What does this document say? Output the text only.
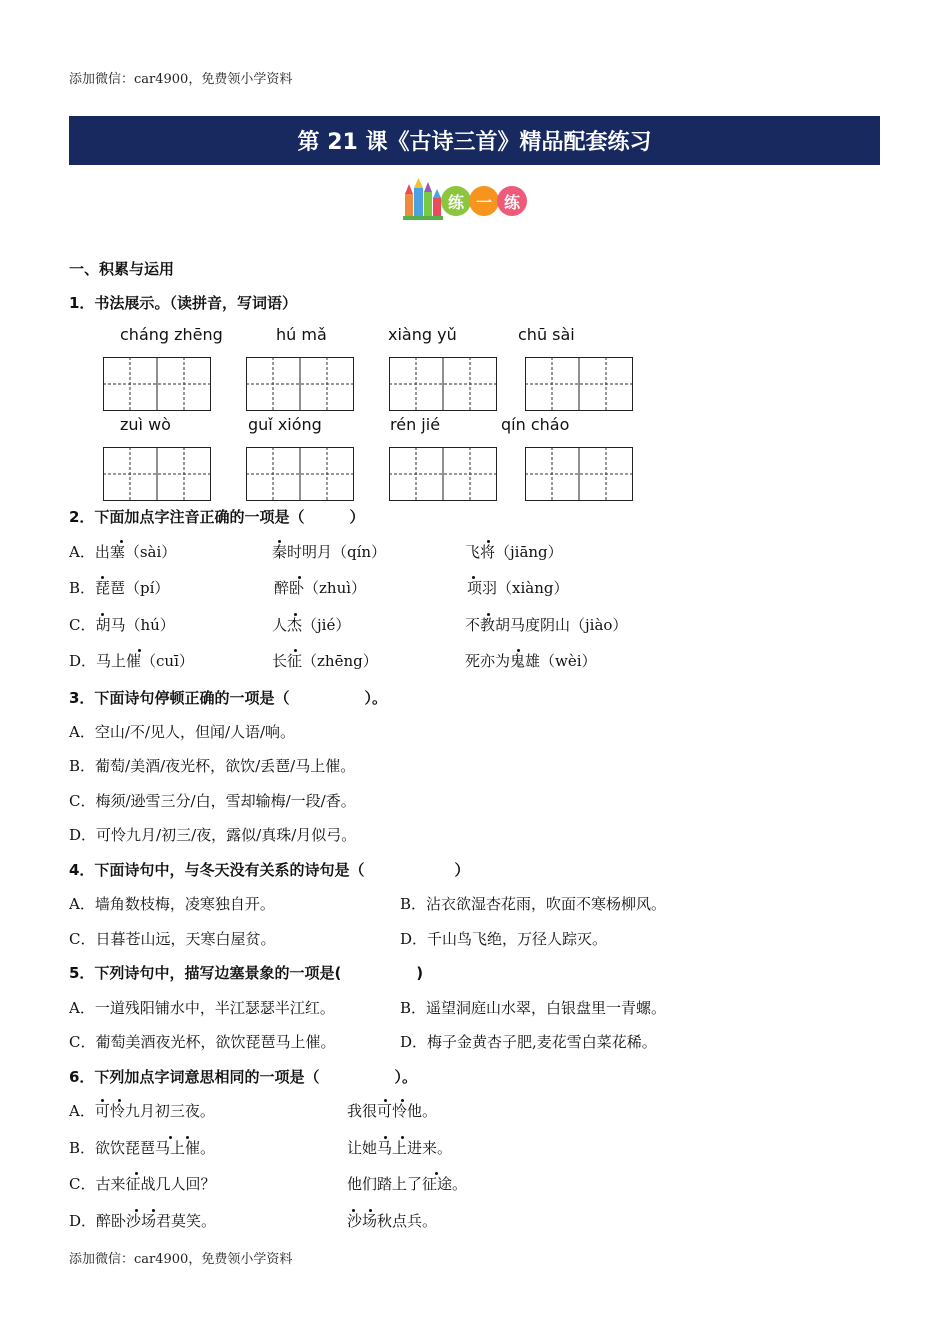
添加微信：car4900，免费领小学资料
第 21 课《古诗三首》精品配套练习
练 一 练
一、积累与运用
1．书法展示。（读拼音，写词语）
cháng zhēng	hú mǎ	xiàng yǔ	chū sài
zuì wò	guǐ xióng	rén jié	qín cháo
2．下面加点字注音正确的一项是（　　　）
A．出塞（sài）	秦时明月（qín）	飞将（jiāng）
B．琵琶（pí）	醉卧（zhuì）	项羽（xiàng）
C．胡马（hú）	人杰（jié）	不教胡马度阴山（jiào）
D．马上催（cuī）	长征（zhēng）	死亦为鬼雄（wèi）
3．下面诗句停顿正确的一项是（　　　　　）。
A．空山/不/见人，但闻/人语/响。
B．葡萄/美酒/夜光杯，欲饮/丢琶/马上催。
C．梅须/逊雪三分/白，雪却输梅/一段/香。
D．可怜九月/初三/夜，露似/真珠/月似弓。
4．下面诗句中，与冬天没有关系的诗句是（　　　　　　）
A．墙角数枝梅，凌寒独自开。	B．沾衣欲湿杏花雨，吹面不寒杨柳风。
C．日暮苍山远，天寒白屋贫。	D．千山鸟飞绝，万径人踪灭。
5．下列诗句中，描写边塞景象的一项是(　　　　　)
A．一道残阳铺水中，半江瑟瑟半江红。	B．遥望洞庭山水翠，白银盘里一青螺。
C．葡萄美酒夜光杯，欲饮琵琶马上催。	D．梅子金黄杏子肥,麦花雪白菜花稀。
6．下列加点字词意思相同的一项是（　　　　　）。
A．可怜九月初三夜。	我很可怜他。
B．欲饮琵琶马上催。	让她马上进来。
C．古来征战几人回？	他们踏上了征途。
D．醉卧沙场君莫笑。	沙场秋点兵。
添加微信：car4900，免费领小学资料
